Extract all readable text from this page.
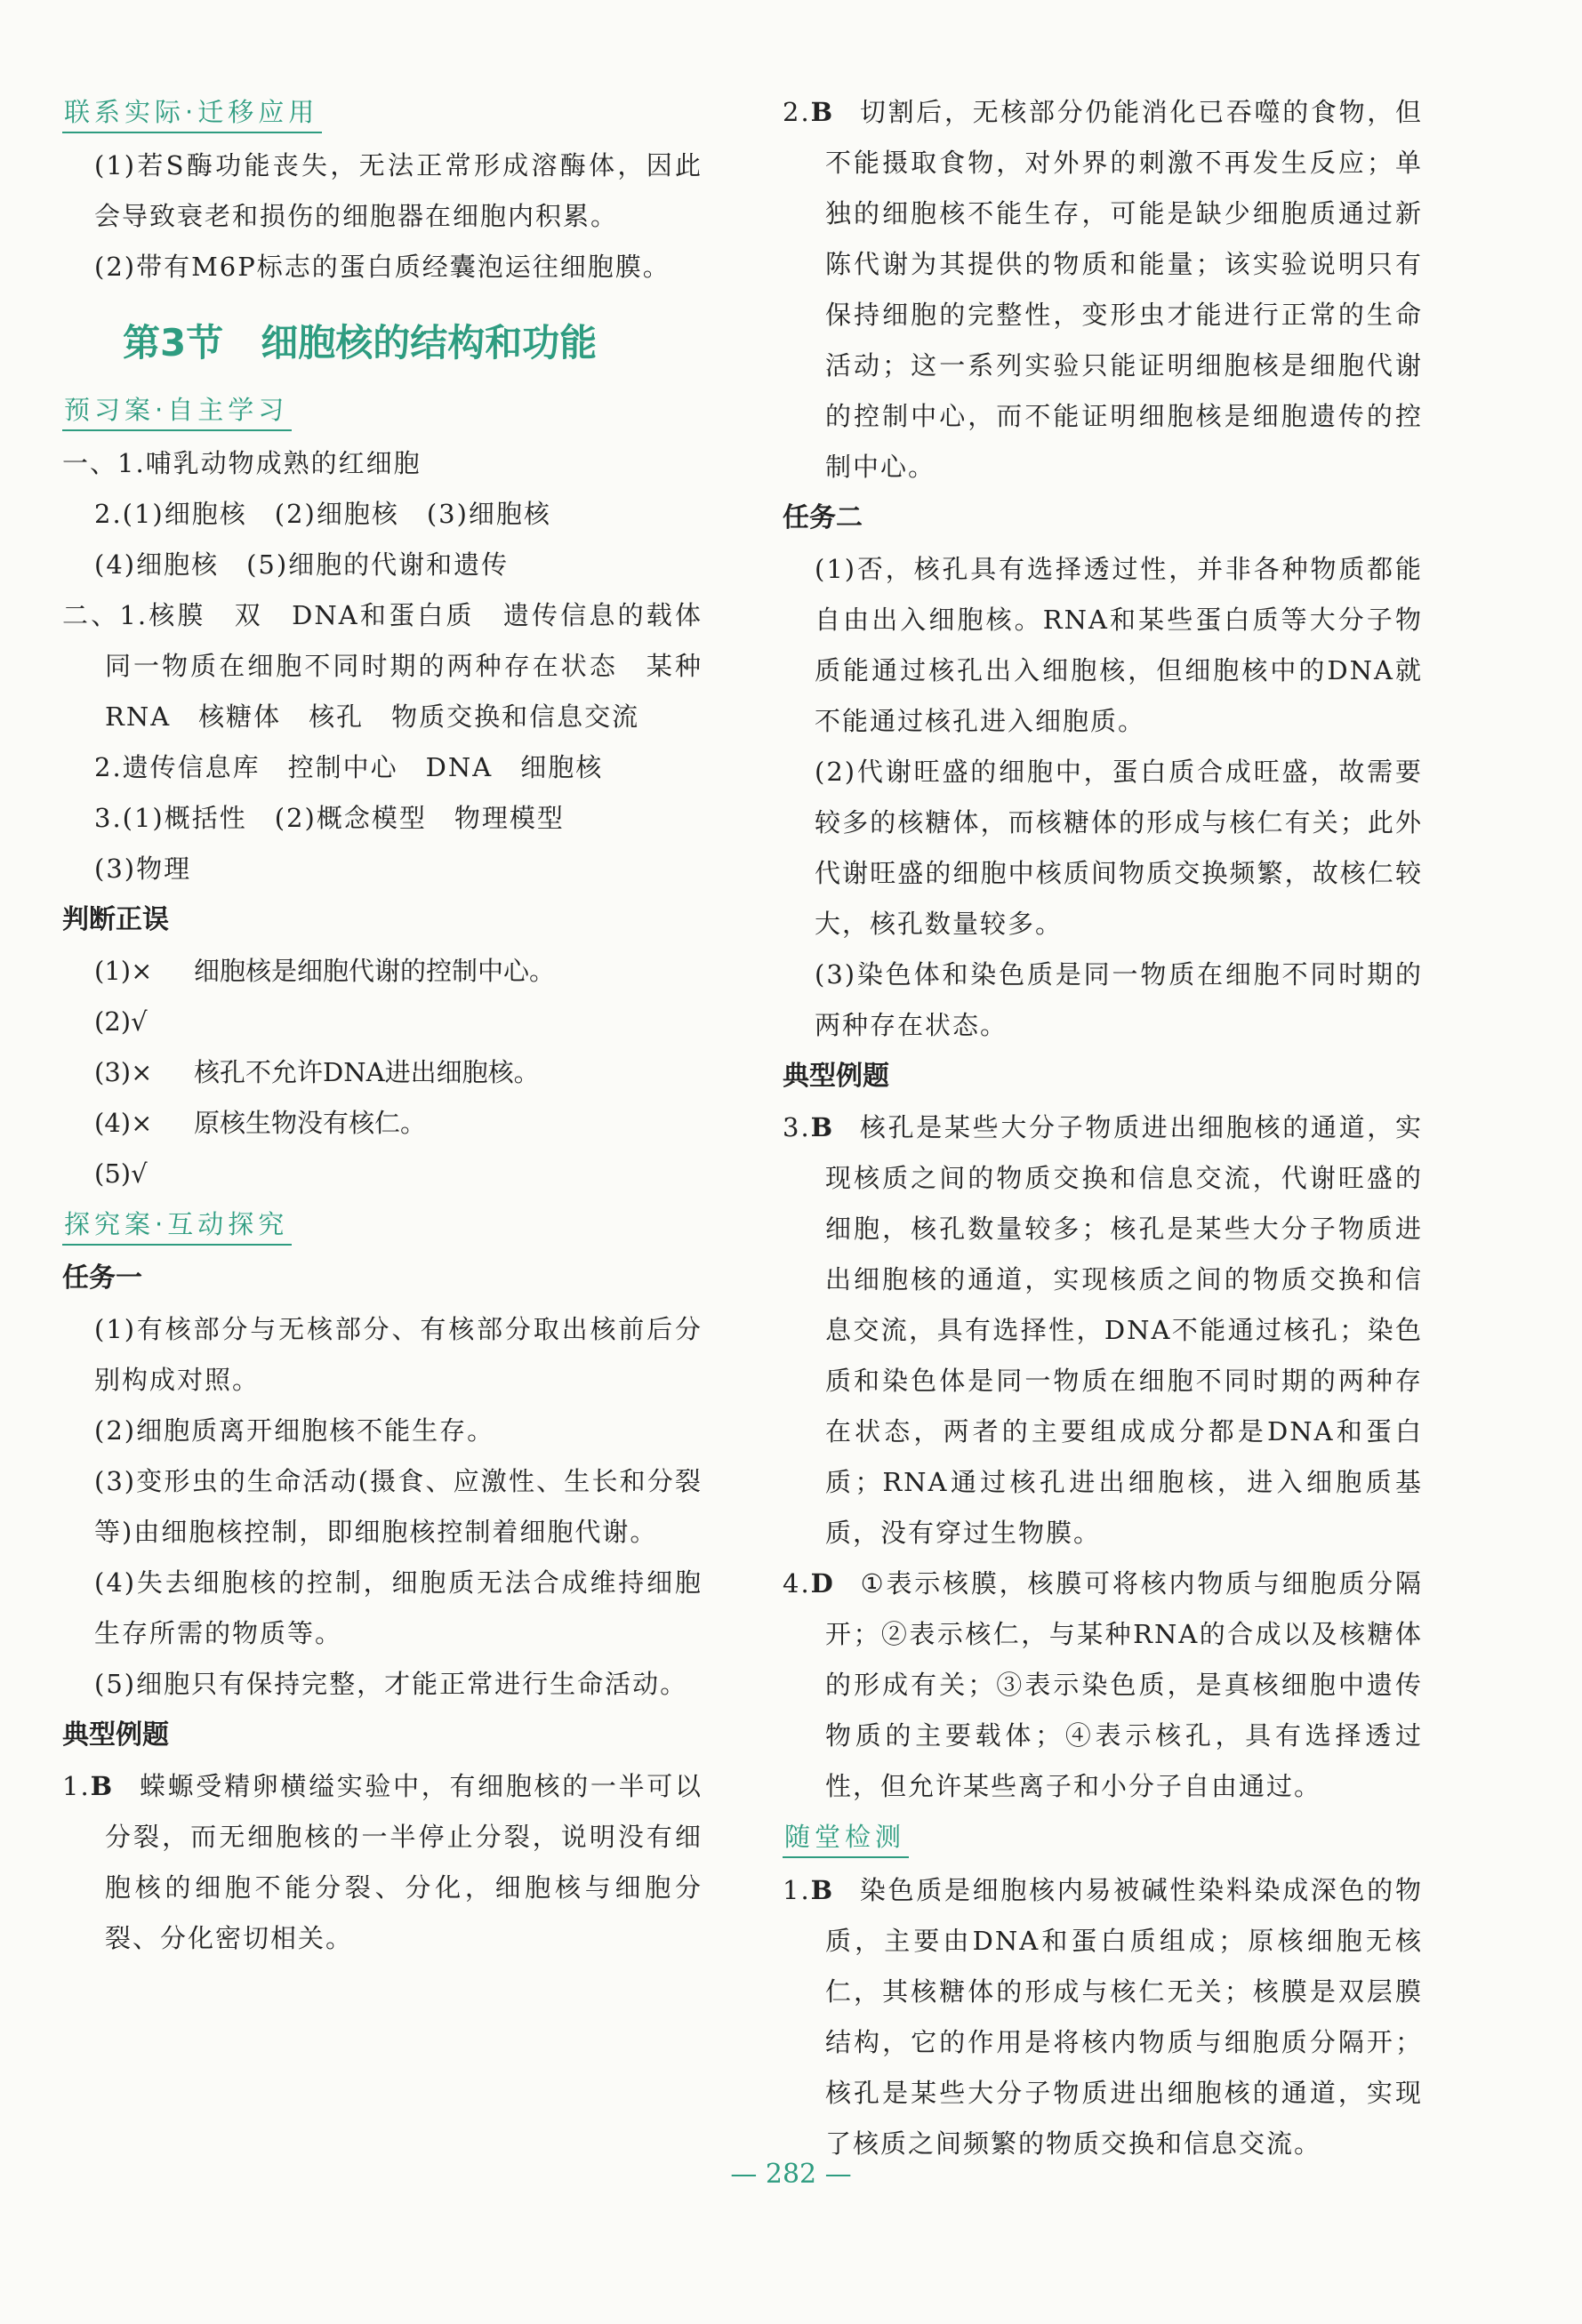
联系实际·迁移应用

(1)若S酶功能丧失，无法正常形成溶酶体，因此会导致衰老和损伤的细胞器在细胞内积累。

(2)带有M6P标志的蛋白质经囊泡运往细胞膜。

第3节 细胞核的结构和功能
预习案·自主学习

一、1.哺乳动物成熟的红细胞

2.(1)细胞核　(2)细胞核　(3)细胞核

(4)细胞核　(5)细胞的代谢和遗传

二、1.核膜　双　DNA和蛋白质　遗传信息的载体　同一物质在细胞不同时期的两种存在状态　某种RNA　核糖体　核孔　物质交换和信息交流

2.遗传信息库　控制中心　DNA　细胞核

3.(1)概括性　(2)概念模型　物理模型

(3)物理

判断正误

(1)× 细胞核是细胞代谢的控制中心。

(2)√

(3)× 核孔不允许DNA进出细胞核。

(4)× 原核生物没有核仁。

(5)√

探究案·互动探究
任务一

(1)有核部分与无核部分、有核部分取出核前后分别构成对照。

(2)细胞质离开细胞核不能生存。

(3)变形虫的生命活动(摄食、应激性、生长和分裂等)由细胞核控制，即细胞核控制着细胞代谢。

(4)失去细胞核的控制，细胞质无法合成维持细胞生存所需的物质等。

(5)细胞只有保持完整，才能正常进行生命活动。

典型例题

1.B 蝾螈受精卵横缢实验中，有细胞核的一半可以分裂，而无细胞核的一半停止分裂，说明没有细胞核的细胞不能分裂、分化，细胞核与细胞分裂、分化密切相关。

2.B 切割后，无核部分仍能消化已吞噬的食物，但不能摄取食物，对外界的刺激不再发生反应；单独的细胞核不能生存，可能是缺少细胞质通过新陈代谢为其提供的物质和能量；该实验说明只有保持细胞的完整性，变形虫才能进行正常的生命活动；这一系列实验只能证明细胞核是细胞代谢的控制中心，而不能证明细胞核是细胞遗传的控制中心。

任务二

(1)否，核孔具有选择透过性，并非各种物质都能自由出入细胞核。RNA和某些蛋白质等大分子物质能通过核孔出入细胞核，但细胞核中的DNA就不能通过核孔进入细胞质。

(2)代谢旺盛的细胞中，蛋白质合成旺盛，故需要较多的核糖体，而核糖体的形成与核仁有关；此外代谢旺盛的细胞中核质间物质交换频繁，故核仁较大，核孔数量较多。

(3)染色体和染色质是同一物质在细胞不同时期的两种存在状态。

典型例题

3.B 核孔是某些大分子物质进出细胞核的通道，实现核质之间的物质交换和信息交流，代谢旺盛的细胞，核孔数量较多；核孔是某些大分子物质进出细胞核的通道，实现核质之间的物质交换和信息交流，具有选择性，DNA不能通过核孔；染色质和染色体是同一物质在细胞不同时期的两种存在状态，两者的主要组成成分都是DNA和蛋白质；RNA通过核孔进出细胞核，进入细胞质基质，没有穿过生物膜。

4.D ①表示核膜，核膜可将核内物质与细胞质分隔开；②表示核仁，与某种RNA的合成以及核糖体的形成有关；③表示染色质，是真核细胞中遗传物质的主要载体；④表示核孔，具有选择透过性，但允许某些离子和小分子自由通过。

随堂检测

1.B 染色质是细胞核内易被碱性染料染成深色的物质，主要由DNA和蛋白质组成；原核细胞无核仁，其核糖体的形成与核仁无关；核膜是双层膜结构，它的作用是将核内物质与细胞质分隔开；核孔是某些大分子物质进出细胞核的通道，实现了核质之间频繁的物质交换和信息交流。

— 282 —
